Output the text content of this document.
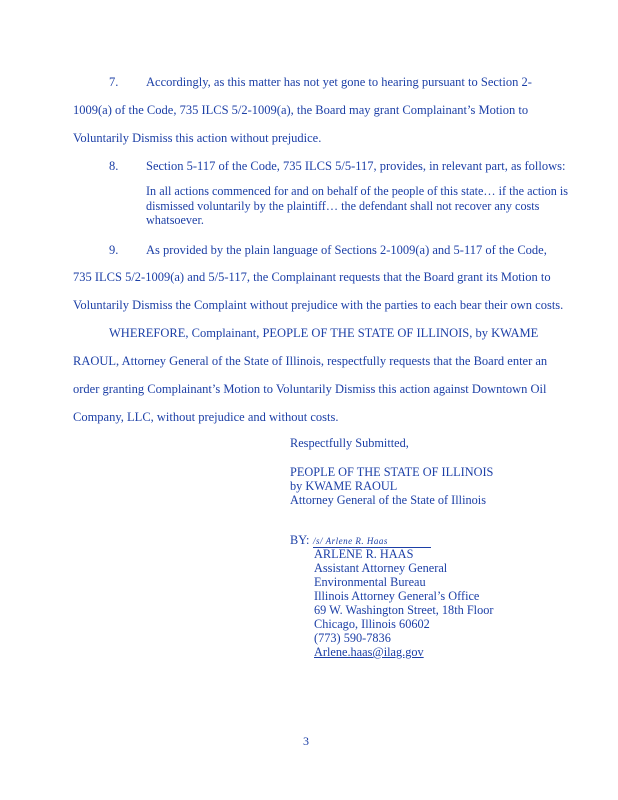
7. Accordingly, as this matter has not yet gone to hearing pursuant to Section 2-
1009(a) of the Code, 735 ILCS 5/2-1009(a), the Board may grant Complainant’s Motion to
Voluntarily Dismiss this action without prejudice.
8. Section 5-117 of the Code, 735 ILCS 5/5-117, provides, in relevant part, as follows:
In all actions commenced for and on behalf of the people of this state… if the action is dismissed voluntarily by the plaintiff… the defendant shall not recover any costs whatsoever.
9. As provided by the plain language of Sections 2-1009(a) and 5-117 of the Code,
735 ILCS 5/2-1009(a) and 5/5-117, the Complainant requests that the Board grant its Motion to
Voluntarily Dismiss the Complaint without prejudice with the parties to each bear their own costs.
WHEREFORE, Complainant, PEOPLE OF THE STATE OF ILLINOIS, by KWAME
RAOUL, Attorney General of the State of Illinois, respectfully requests that the Board enter an
order granting Complainant’s Motion to Voluntarily Dismiss this action against Downtown Oil
Company, LLC, without prejudice and without costs.
Respectfully Submitted,
PEOPLE OF THE STATE OF ILLINOIS
by KWAME RAOUL
Attorney General of the State of Illinois
BY: /s/ Arlene R. Haas
ARLENE R. HAAS
Assistant Attorney General
Environmental Bureau
Illinois Attorney General’s Office
69 W. Washington Street, 18th Floor
Chicago, Illinois 60602
(773) 590-7836
Arlene.haas@ilag.gov
3
